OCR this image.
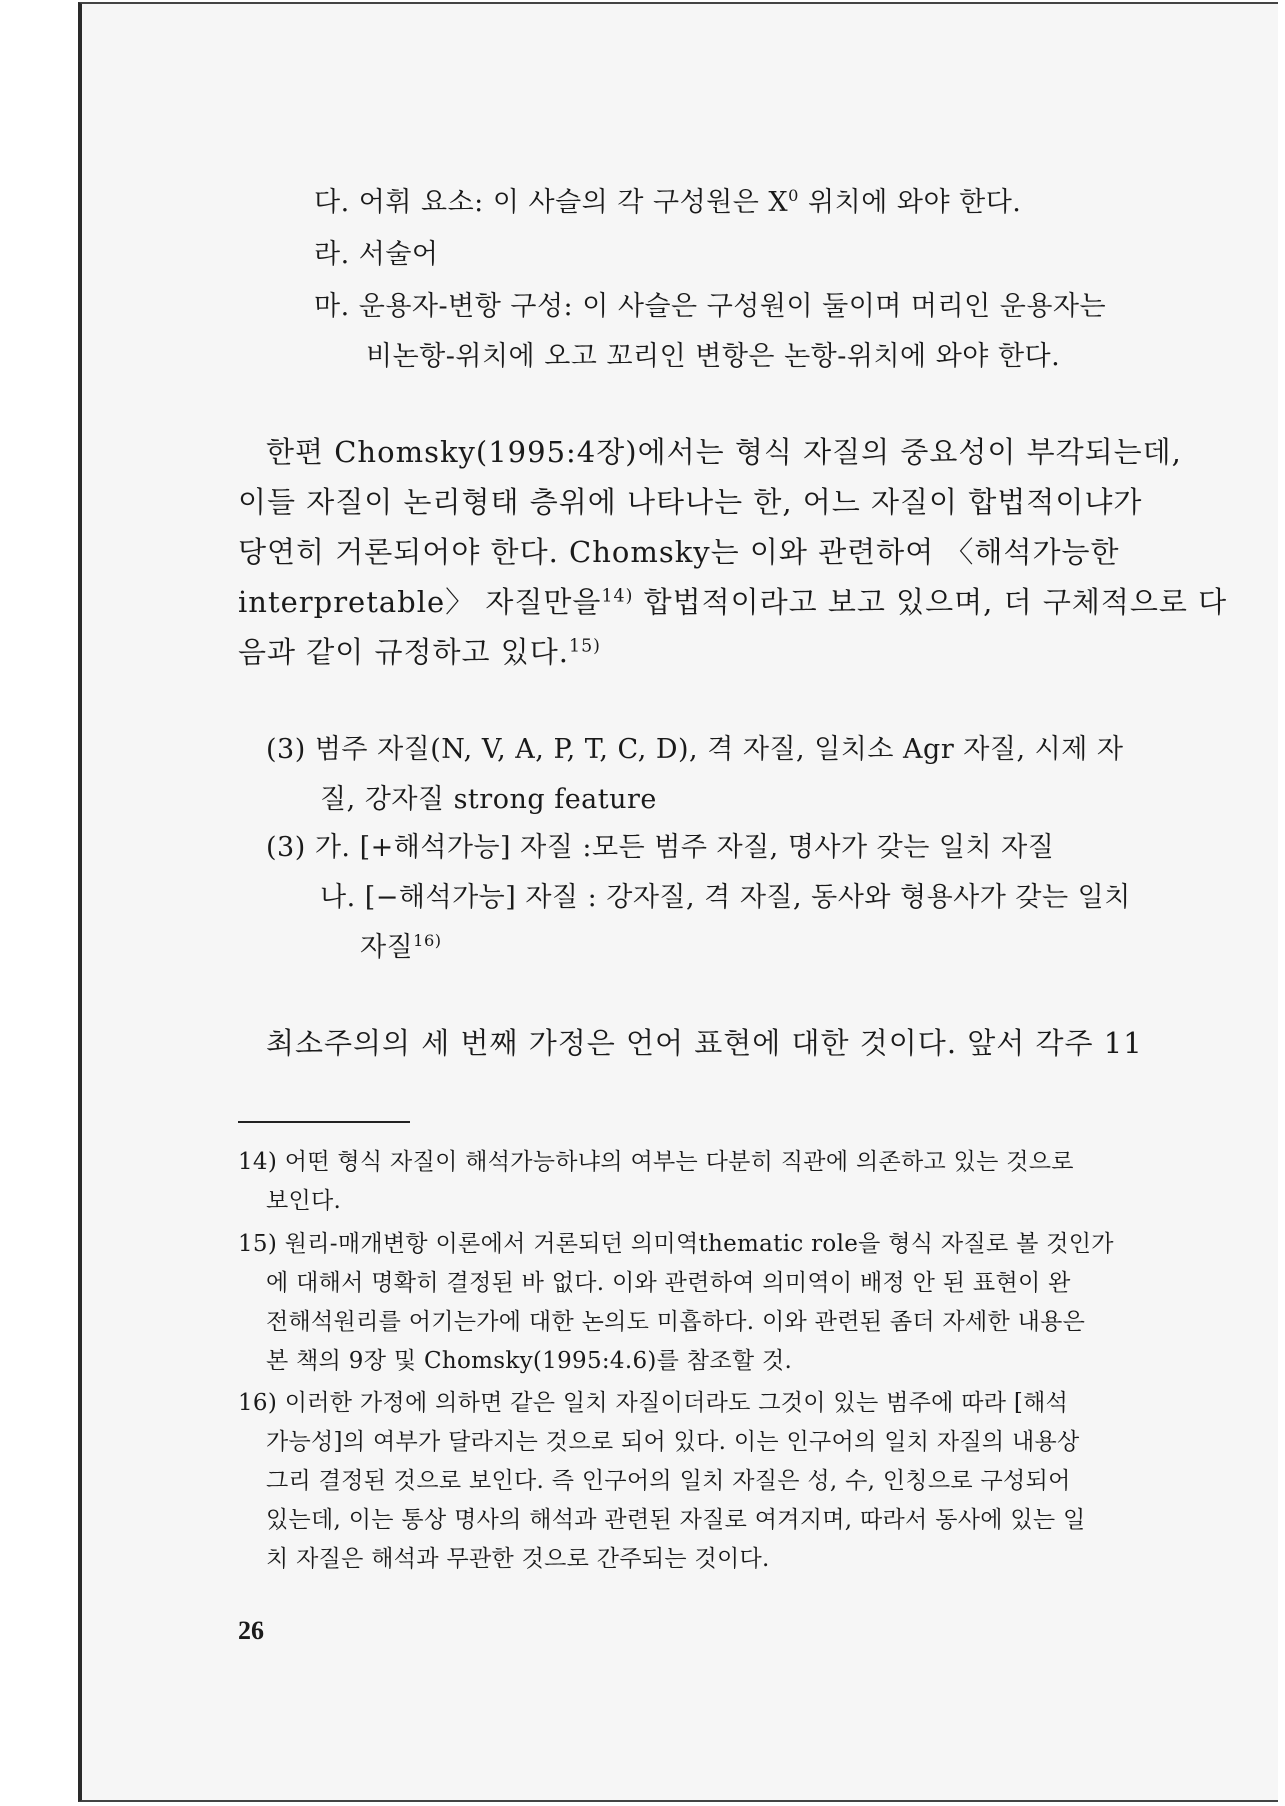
다. 어휘 요소: 이 사슬의 각 구성원은 $X^0$ 위치에 와야 한다.
라. 서술어
마. 운용자-변항 구성: 이 사슬은 구성원이 둘이며 머리인 운용자는
비논항-위치에 오고 꼬리인 변항은 논항-위치에 와야 한다.
한편 Chomsky(1995:4장)에서는 형식 자질의 중요성이 부각되는데,
이들 자질이 논리형태 층위에 나타나는 한, 어느 자질이 합법적이냐가
당연히 거론되어야 한다. Chomsky는 이와 관련하여 〈해석가능한
interpretable〉 자질만을$^{14)}$ 합법적이라고 보고 있으며, 더 구체적으로 다
음과 같이 규정하고 있다.$^{15)}$
(3) 범주 자질(N, V, A, P, T, C, D), 격 자질, 일치소 Agr 자질, 시제 자
질, 강자질 strong feature
(3) 가. [+해석가능] 자질 :모든 범주 자질, 명사가 갖는 일치 자질
나. [−해석가능] 자질 : 강자질, 격 자질, 동사와 형용사가 갖는 일치
자질$^{16)}$
최소주의의 세 번째 가정은 언어 표현에 대한 것이다. 앞서 각주 11
14) 어떤 형식 자질이 해석가능하냐의 여부는 다분히 직관에 의존하고 있는 것으로
보인다.
15) 원리-매개변항 이론에서 거론되던 의미역thematic role을 형식 자질로 볼 것인가
에 대해서 명확히 결정된 바 없다. 이와 관련하여 의미역이 배정 안 된 표현이 완
전해석원리를 어기는가에 대한 논의도 미흡하다. 이와 관련된 좀더 자세한 내용은
본 책의 9장 및 Chomsky(1995:4.6)를 참조할 것.
16) 이러한 가정에 의하면 같은 일치 자질이더라도 그것이 있는 범주에 따라 [해석
가능성]의 여부가 달라지는 것으로 되어 있다. 이는 인구어의 일치 자질의 내용상
그리 결정된 것으로 보인다. 즉 인구어의 일치 자질은 성, 수, 인칭으로 구성되어
있는데, 이는 통상 명사의 해석과 관련된 자질로 여겨지며, 따라서 동사에 있는 일
치 자질은 해석과 무관한 것으로 간주되는 것이다.
26
